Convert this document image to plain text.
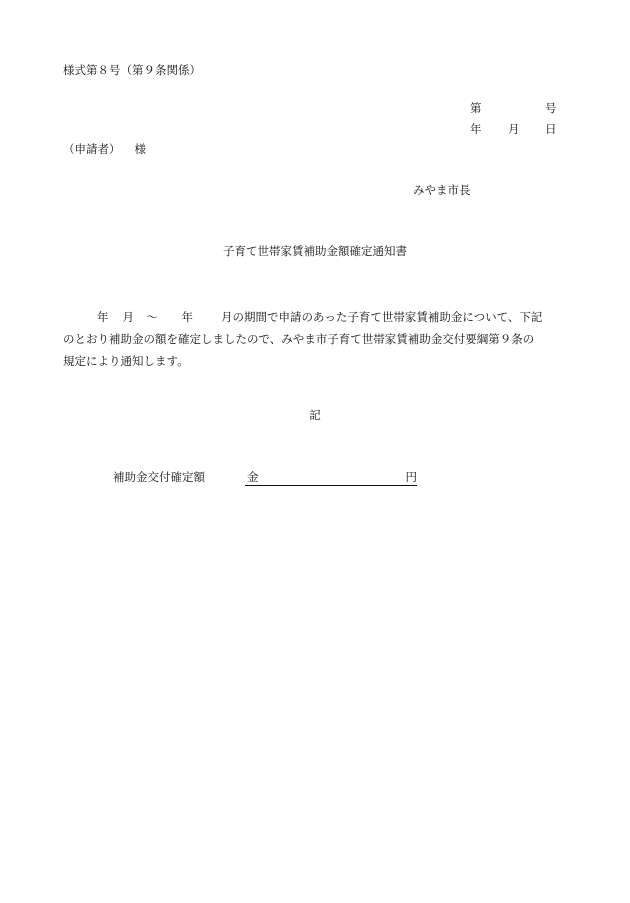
様式第８号（第９条関係）
第	号
年 月 日
（申請者） 様
みやま市長
子育て世帯家賃補助金額確定通知書

年 月 ～ 年 月の期間で申請のあった子育て世帯家賃補助金について、下記
のとおり補助金の額を確定しましたので、みやま市子育て世帯家賃補助金交付要綱第９条の
規定により通知します。

記
補助金交付確定額	金	円
